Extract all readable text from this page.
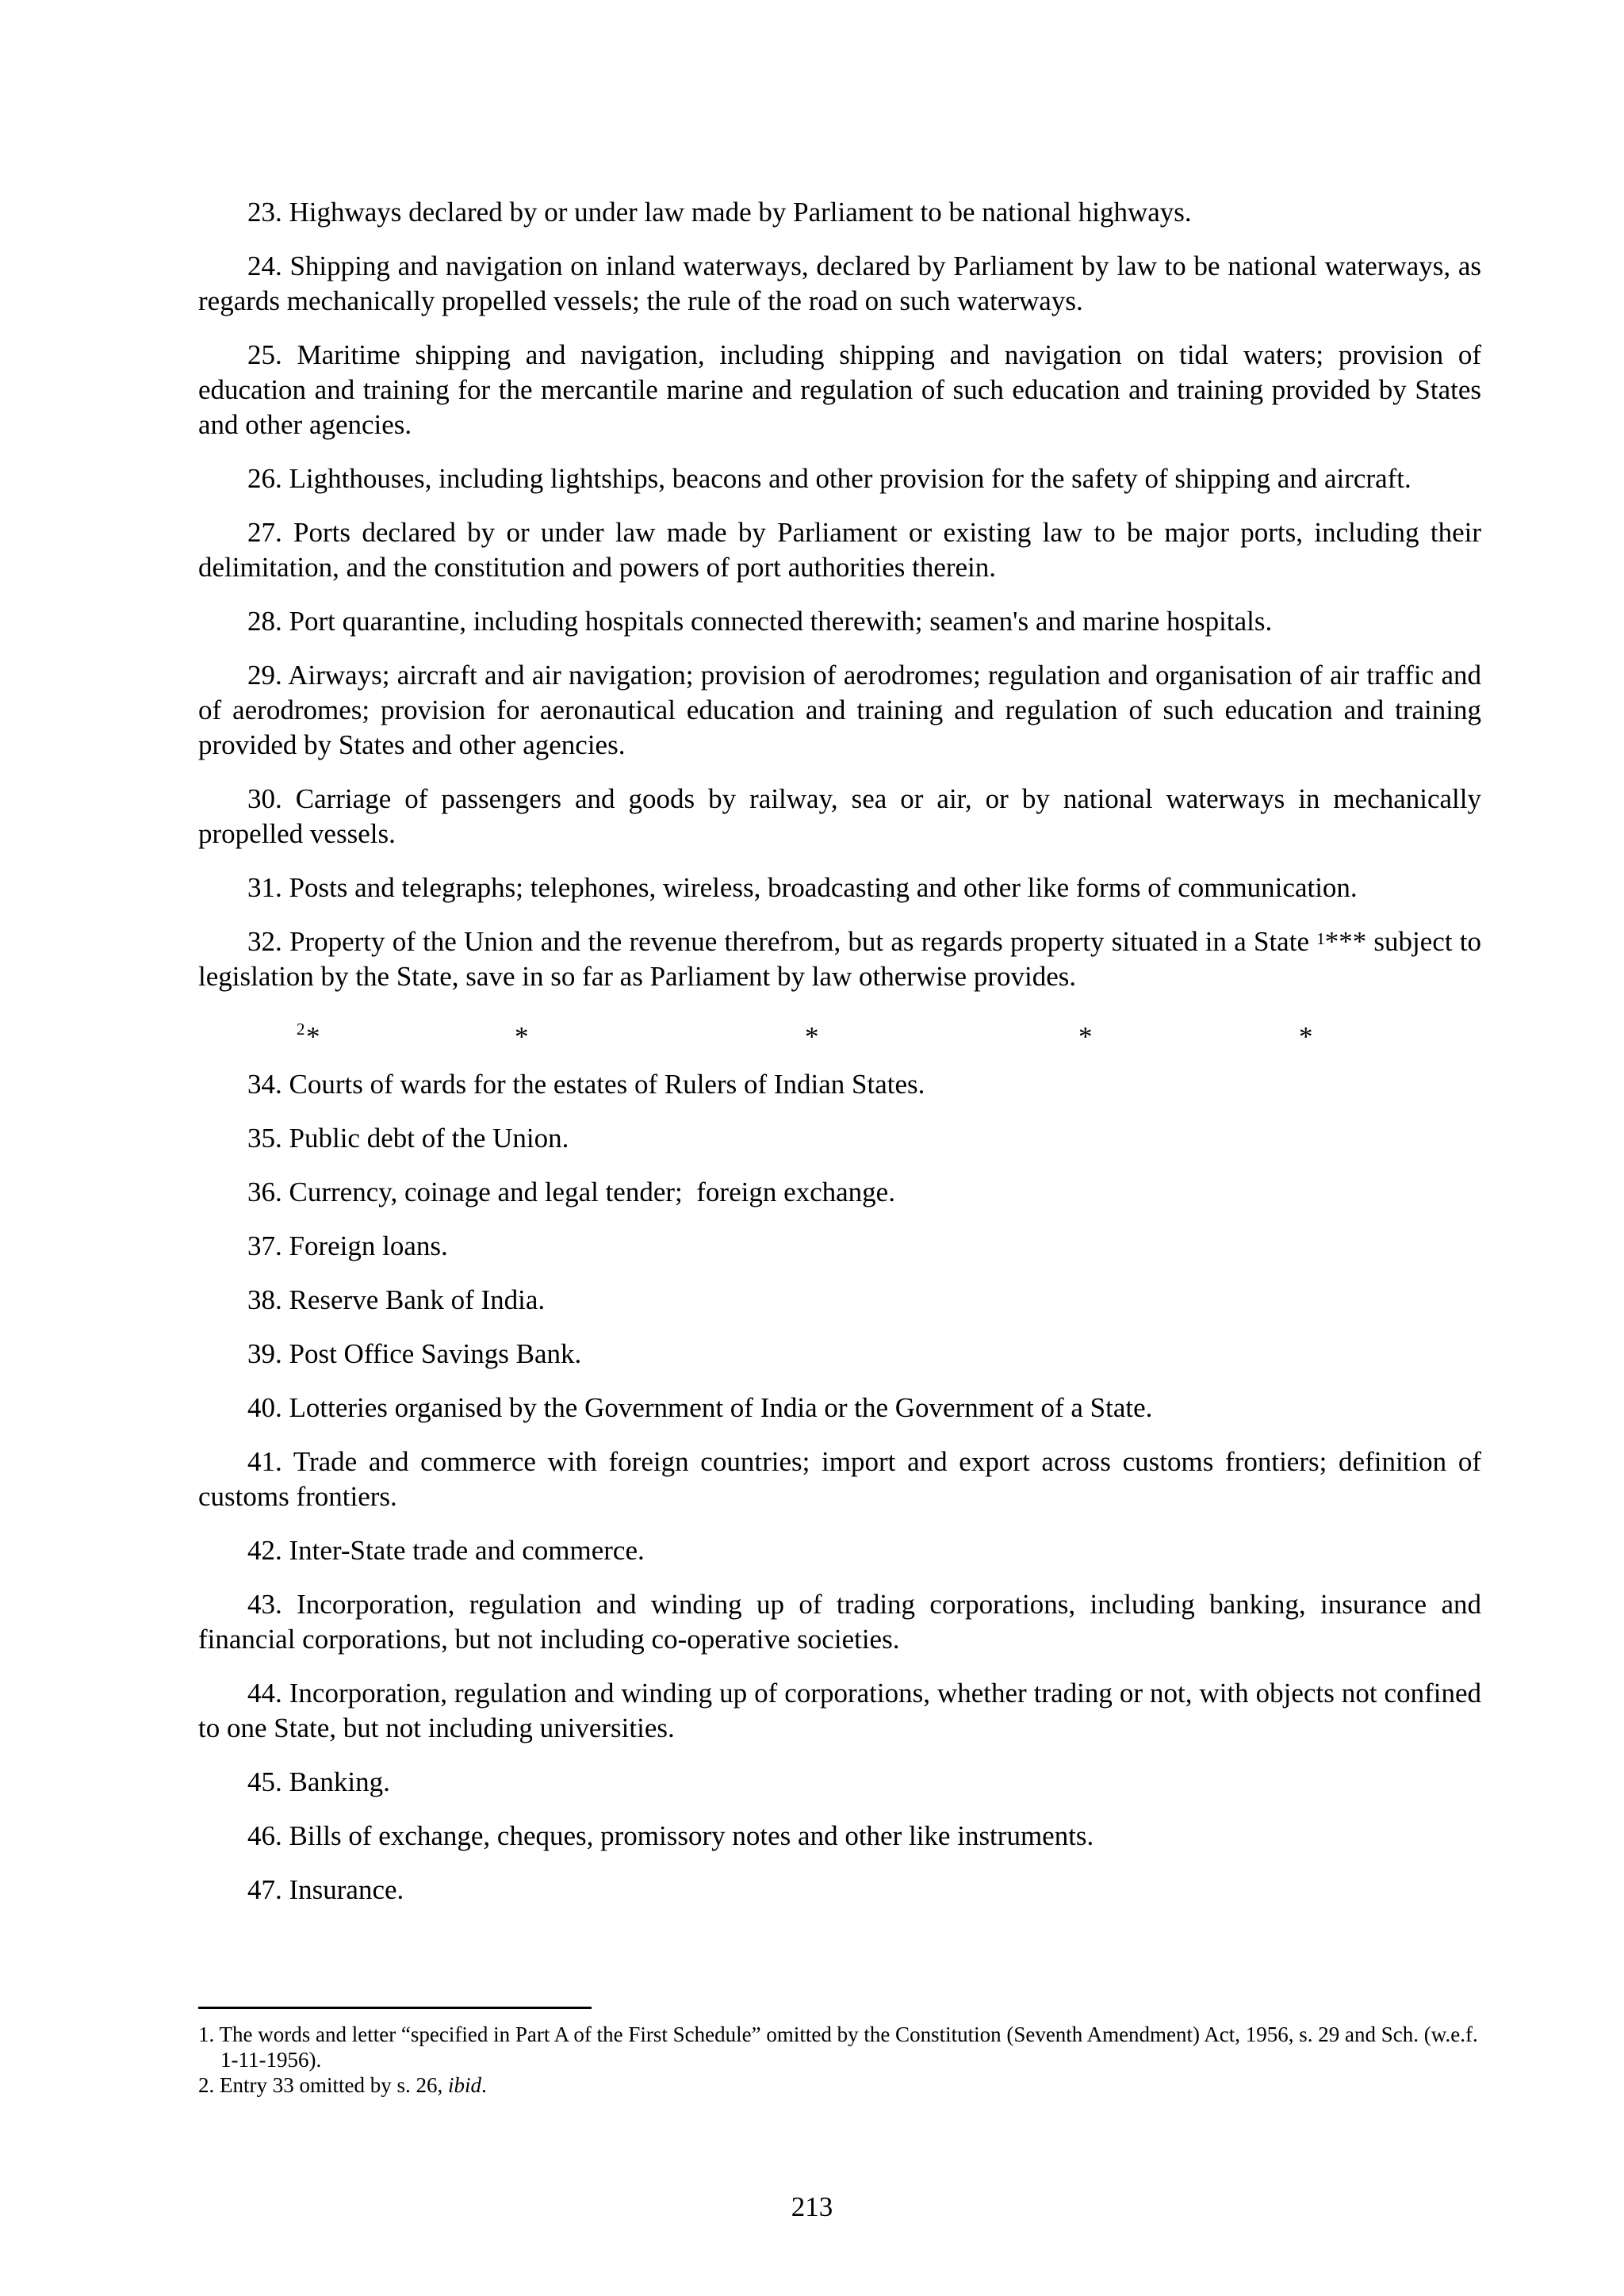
23. Highways declared by or under law made by Parliament to be national highways.

24. Shipping and navigation on inland waterways, declared by Parliament by law to be national waterways, as regards mechanically propelled vessels; the rule of the road on such waterways.

25. Maritime shipping and navigation, including shipping and navigation on tidal waters; provision of education and training for the mercantile marine and regulation of such education and training provided by States and other agencies.

26. Lighthouses, including lightships, beacons and other provision for the safety of shipping and aircraft.

27. Ports declared by or under law made by Parliament or existing law to be major ports, including their delimitation, and the constitution and powers of port authorities therein.

28. Port quarantine, including hospitals connected therewith; seamen's and marine hospitals.

29. Airways; aircraft and air navigation; provision of aerodromes; regulation and organisation of air traffic and of aerodromes; provision for aeronautical education and training and regulation of such education and training provided by States and other agencies.

30. Carriage of passengers and goods by railway, sea or air, or by national waterways in mechanically propelled vessels.

31. Posts and telegraphs; telephones, wireless, broadcasting and other like forms of communication.

32. Property of the Union and the revenue therefrom, but as regards property situated in a State $^1$*** subject to legislation by the State, save in so far as Parliament by law otherwise provides.

2 *	*	*	*	*

34. Courts of wards for the estates of Rulers of Indian States.

35. Public debt of the Union.

36. Currency, coinage and legal tender;  foreign exchange.

37. Foreign loans.

38. Reserve Bank of India.

39. Post Office Savings Bank.

40. Lotteries organised by the Government of India or the Government of a State.

41. Trade and commerce with foreign countries; import and export across customs frontiers; definition of customs frontiers.

42. Inter-State trade and commerce.

43. Incorporation, regulation and winding up of trading corporations, including banking, insurance and financial corporations, but not including co-operative societies.

44. Incorporation, regulation and winding up of corporations, whether trading or not, with objects not confined to one State, but not including universities.

45. Banking.

46. Bills of exchange, cheques, promissory notes and other like instruments.

47. Insurance.

1. The words and letter “specified in Part A of the First Schedule” omitted by the Constitution (Seventh Amendment) Act, 1956, s. 29 and Sch. (w.e.f. 1-11-1956).

2. Entry 33 omitted by s. 26, ibid.

213
